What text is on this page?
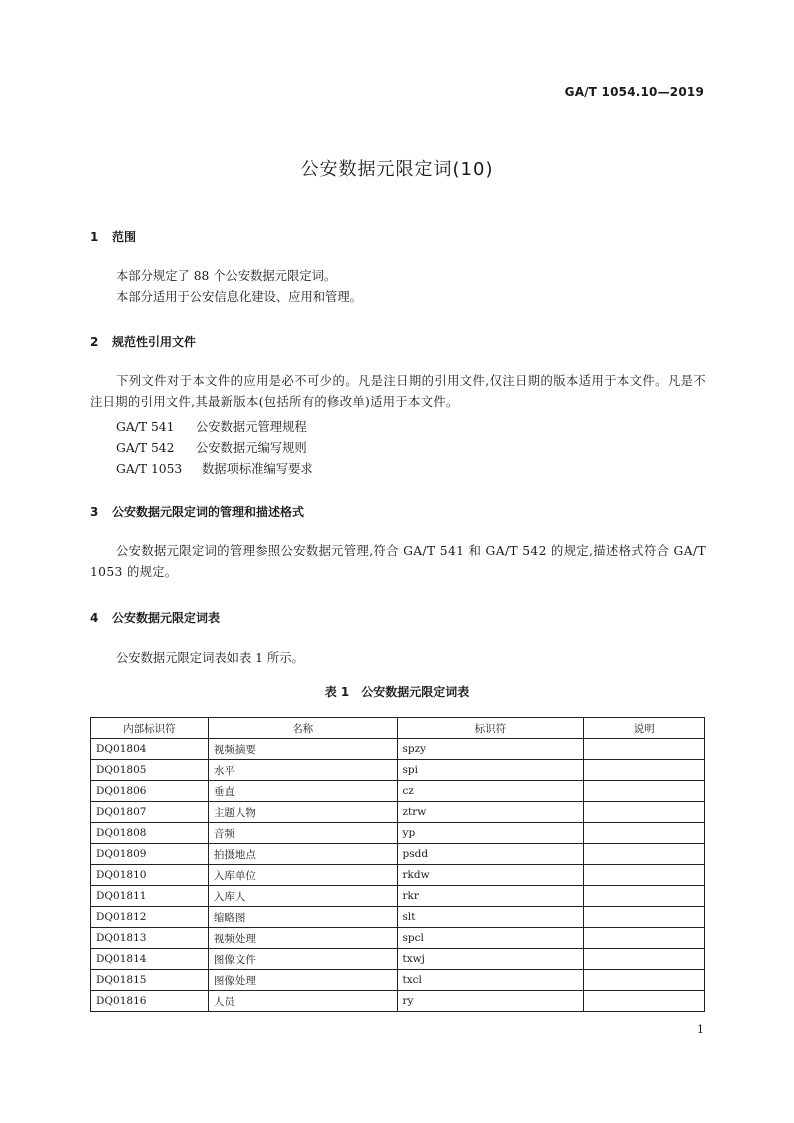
GA/T 1054.10—2019
公安数据元限定词(10)
1 范围

本部分规定了 88 个公安数据元限定词。

本部分适用于公安信息化建设、应用和管理。

2 规范性引用文件

下列文件对于本文件的应用是必不可少的。凡是注日期的引用文件,仅注日期的版本适用于本文件。凡是不注日期的引用文件,其最新版本(包括所有的修改单)适用于本文件。

GA/T 541 公安数据元管理规程
GA/T 542 公安数据元编写规则
GA/T 1053 数据项标准编写要求
3 公安数据元限定词的管理和描述格式

公安数据元限定词的管理参照公安数据元管理,符合 GA/T 541 和 GA/T 542 的规定,描述格式符合 GA/T 1053 的规定。

4 公安数据元限定词表

公安数据元限定词表如表 1 所示。

表 1　公安数据元限定词表
内部标识符	名称	标识符	说明
DQ01804	视频摘要	spzy	
DQ01805	水平	spi	
DQ01806	垂直	cz	
DQ01807	主题人物	ztrw	
DQ01808	音频	yp	
DQ01809	拍摄地点	psdd	
DQ01810	入库单位	rkdw	
DQ01811	入库人	rkr	
DQ01812	缩略图	slt	
DQ01813	视频处理	spcl	
DQ01814	图像文件	txwj	
DQ01815	图像处理	txcl	
DQ01816	人员	ry	
1
